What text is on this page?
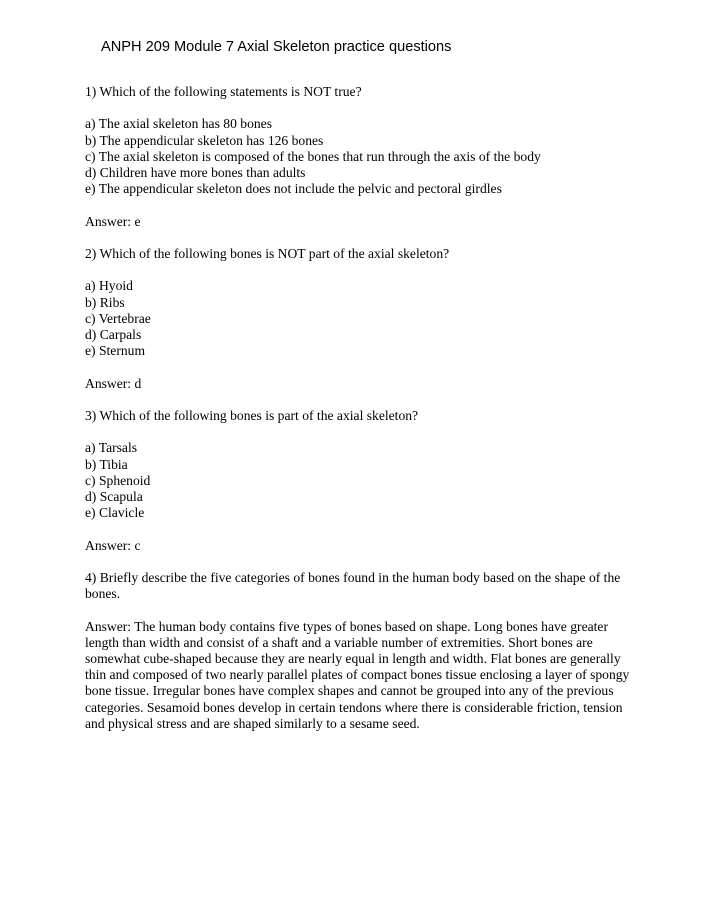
ANPH 209 Module 7 Axial Skeleton practice questions
1) Which of the following statements is NOT true?
a) The axial skeleton has 80 bones
b) The appendicular skeleton has 126 bones
c) The axial skeleton is composed of the bones that run through the axis of the body
d) Children have more bones than adults
e) The appendicular skeleton does not include the pelvic and pectoral girdles
Answer: e
2) Which of the following bones is NOT part of the axial skeleton?
a) Hyoid
b) Ribs
c) Vertebrae
d) Carpals
e) Sternum
Answer: d
3) Which of the following bones is part of the axial skeleton?
a) Tarsals
b) Tibia
c) Sphenoid
d) Scapula
e) Clavicle
Answer: c
4) Briefly describe the five categories of bones found in the human body based on the shape of the bones.
Answer: The human body contains five types of bones based on shape. Long bones have greater length than width and consist of a shaft and a variable number of extremities. Short bones are somewhat cube-shaped because they are nearly equal in length and width. Flat bones are generally thin and composed of two nearly parallel plates of compact bones tissue enclosing a layer of spongy bone tissue. Irregular bones have complex shapes and cannot be grouped into any of the previous categories. Sesamoid bones develop in certain tendons where there is considerable friction, tension and physical stress and are shaped similarly to a sesame seed.
